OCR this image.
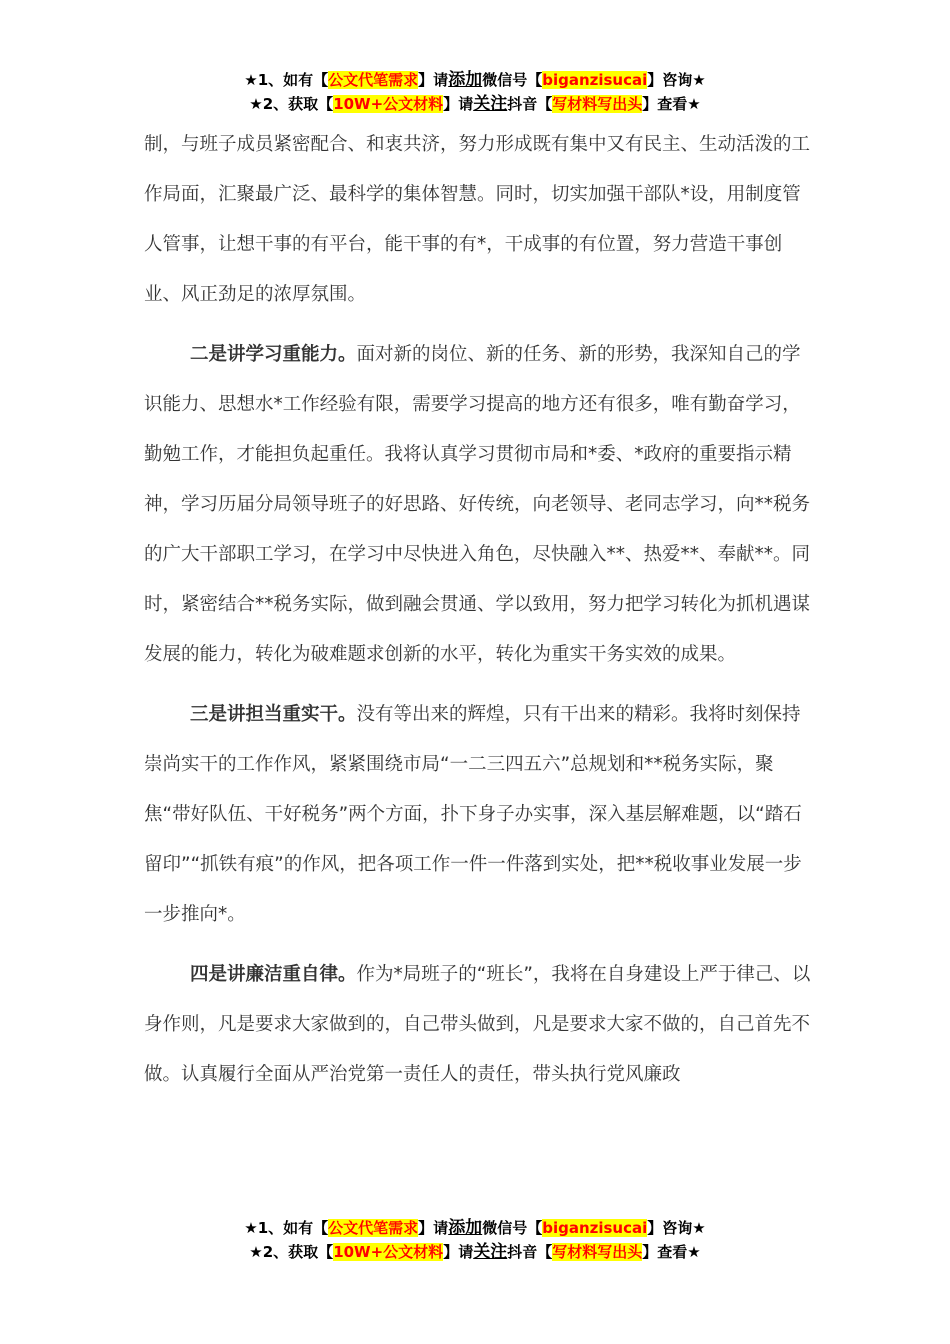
★1、如有【公文代笔需求】请添加微信号【biganzisucai】咨询★
★2、获取【10W+公文材料】请关注抖音【写材料写出头】查看★

制，与班子成员紧密配合、和衷共济，努力形成既有集中又有民主、生动活泼的工作局面，汇聚最广泛、最科学的集体智慧。同时，切实加强干部队*设，用制度管人管事，让想干事的有平台，能干事的有*，干成事的有位置，努力营造干事创业、风正劲足的浓厚氛围。

二是讲学习重能力。面对新的岗位、新的任务、新的形势，我深知自己的学识能力、思想水*工作经验有限，需要学习提高的地方还有很多，唯有勤奋学习，勤勉工作，才能担负起重任。我将认真学习贯彻市局和*委、*政府的重要指示精神，学习历届分局领导班子的好思路、好传统，向老领导、老同志学习，向**税务的广大干部职工学习，在学习中尽快进入角色，尽快融入**、热爱**、奉献**。同时，紧密结合**税务实际，做到融会贯通、学以致用，努力把学习转化为抓机遇谋发展的能力，转化为破难题求创新的水平，转化为重实干务实效的成果。

三是讲担当重实干。没有等出来的辉煌，只有干出来的精彩。我将时刻保持崇尚实干的工作作风，紧紧围绕市局“一二三四五六”总规划和**税务实际，聚焦“带好队伍、干好税务”两个方面，扑下身子办实事，深入基层解难题，以“踏石留印”“抓铁有痕”的作风，把各项工作一件一件落到实处，把**税收事业发展一步一步推向*。

四是讲廉洁重自律。作为*局班子的“班长”，我将在自身建设上严于律己、以身作则，凡是要求大家做到的，自己带头做到，凡是要求大家不做的，自己首先不做。认真履行全面从严治党第一责任人的责任，带头执行党风廉政

★1、如有【公文代笔需求】请添加微信号【biganzisucai】咨询★
★2、获取【10W+公文材料】请关注抖音【写材料写出头】查看★
